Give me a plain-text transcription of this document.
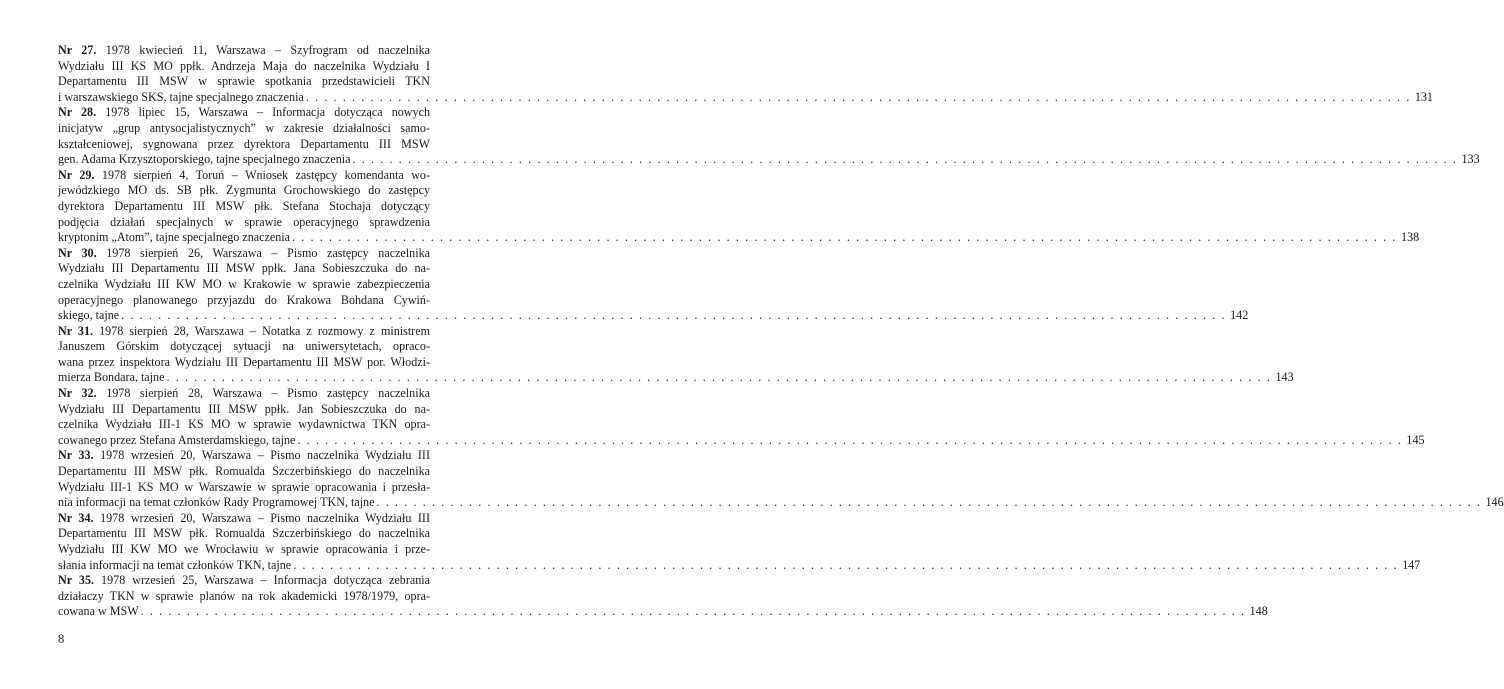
Nr 27. 1978 kwiecień 11, Warszawa – Szyfrogram od naczelnika
Wydziału III KS MO ppłk. Andrzeja Maja do naczelnika Wydziału I
Departamentu III MSW w sprawie spotkania przedstawicieli TKN
i warszawskiego SKS, tajne specjalnego znaczenia . . . . . . . . . . . . . . . . . . . . . . . . . . . . . . . . . . . . . . . . . . . . . . . . . . . . . . . . . . . . . . . . . . . . . . . . . . . . . . . . . . . . . . . . . . . . . . . . . . . . . . . . . . . . . . . . . . . . . . . . 131
Nr 28. 1978 lipiec 15, Warszawa – Informacja dotycząca nowych
inicjatyw „grup antysocjalistycznych” w zakresie działalności samo-
kształceniowej, sygnowana przez dyrektora Departamentu III MSW
gen. Adama Krzysztoporskiego, tajne specjalnego znaczenia . . . . . . . . . . . . . . . . . . . . . . . . . . . . . . . . . . . . . . . . . . . . . . . . . . . . . . . . . . . . . . . . . . . . . . . . . . . . . . . . . . . . . . . . . . . . . . . . . . . . . . . . . . . . . . . . . . . . . . . . 133
Nr 29. 1978 sierpień 4, Toruń – Wniosek zastępcy komendanta wo-
jewódzkiego MO ds. SB płk. Zygmunta Grochowskiego do zastępcy
dyrektora Departamentu III MSW płk. Stefana Stochaja dotyczący
podjęcia działań specjalnych w sprawie operacyjnego sprawdzenia
kryptonim „Atom”, tajne specjalnego znaczenia . . . . . . . . . . . . . . . . . . . . . . . . . . . . . . . . . . . . . . . . . . . . . . . . . . . . . . . . . . . . . . . . . . . . . . . . . . . . . . . . . . . . . . . . . . . . . . . . . . . . . . . . . . . . . . . . . . . . . . . . 138
Nr 30. 1978 sierpień 26, Warszawa – Pismo zastępcy naczelnika
Wydziału III Departamentu III MSW ppłk. Jana Sobieszczuka do na-
czelnika Wydziału III KW MO w Krakowie w sprawie zabezpieczenia
operacyjnego planowanego przyjazdu do Krakowa Bohdana Cywiń-
skiego, tajne . . . . . . . . . . . . . . . . . . . . . . . . . . . . . . . . . . . . . . . . . . . . . . . . . . . . . . . . . . . . . . . . . . . . . . . . . . . . . . . . . . . . . . . . . . . . . . . . . . . . . . . . . . . . . . . . . . . . . . . . 142
Nr 31. 1978 sierpień 28, Warszawa – Notatka z rozmowy z ministrem
Januszem Górskim dotyczącej sytuacji na uniwersytetach, opraco-
wana przez inspektora Wydziału III Departamentu III MSW por. Włodzi-
mierza Bondara, tajne . . . . . . . . . . . . . . . . . . . . . . . . . . . . . . . . . . . . . . . . . . . . . . . . . . . . . . . . . . . . . . . . . . . . . . . . . . . . . . . . . . . . . . . . . . . . . . . . . . . . . . . . . . . . . . . . . . . . . . . . 143
Nr 32. 1978 sierpień 28, Warszawa – Pismo zastępcy naczelnika
Wydziału III Departamentu III MSW ppłk. Jan Sobieszczuka do na-
czelnika Wydziału III-1 KS MO w sprawie wydawnictwa TKN opra-
cowanego przez Stefana Amsterdamskiego, tajne . . . . . . . . . . . . . . . . . . . . . . . . . . . . . . . . . . . . . . . . . . . . . . . . . . . . . . . . . . . . . . . . . . . . . . . . . . . . . . . . . . . . . . . . . . . . . . . . . . . . . . . . . . . . . . . . . . . . . . . . 145
Nr 33. 1978 wrzesień 20, Warszawa – Pismo naczelnika Wydziału III
Departamentu III MSW płk. Romualda Szczerbińskiego do naczelnika
Wydziału III-1 KS MO w Warszawie w sprawie opracowania i przesła-
nia informacji na temat członków Rady Programowej TKN, tajne . . . . . . . . . . . . . . . . . . . . . . . . . . . . . . . . . . . . . . . . . . . . . . . . . . . . . . . . . . . . . . . . . . . . . . . . . . . . . . . . . . . . . . . . . . . . . . . . . . . . . . . . . . . . . . . . . . . . . . . . 146
Nr 34. 1978 wrzesień 20, Warszawa – Pismo naczelnika Wydziału III
Departamentu III MSW płk. Romualda Szczerbińskiego do naczelnika
Wydziału III KW MO we Wrocławiu w sprawie opracowania i prze-
słania informacji na temat członków TKN, tajne . . . . . . . . . . . . . . . . . . . . . . . . . . . . . . . . . . . . . . . . . . . . . . . . . . . . . . . . . . . . . . . . . . . . . . . . . . . . . . . . . . . . . . . . . . . . . . . . . . . . . . . . . . . . . . . . . . . . . . . . 147
Nr 35. 1978 wrzesień 25, Warszawa – Informacja dotycząca zebrania
działaczy TKN w sprawie planów na rok akademicki 1978/1979, opra-
cowana w MSW . . . . . . . . . . . . . . . . . . . . . . . . . . . . . . . . . . . . . . . . . . . . . . . . . . . . . . . . . . . . . . . . . . . . . . . . . . . . . . . . . . . . . . . . . . . . . . . . . . . . . . . . . . . . . . . . . . . . . . . . 148
8
